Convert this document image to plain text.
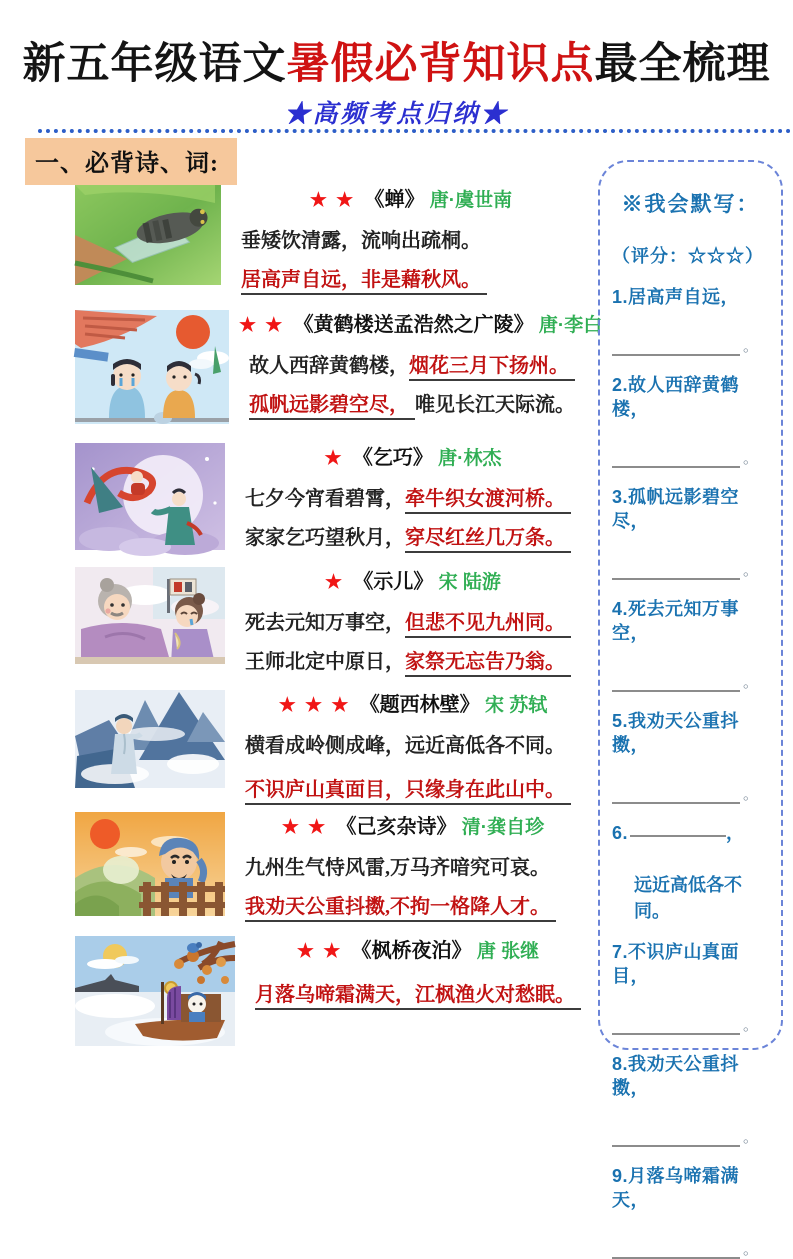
新五年级语文暑假必背知识点最全梳理
★高频考点归纳★
一、必背诗、词:
★ ★ 《蝉》 唐·虞世南
垂矮饮清露，流响出疏桐。
居高声自远，非是藉秋风。
★ ★ 《黄鹤楼送孟浩然之广陵》 唐·李白
故人西辞黄鹤楼，烟花三月下扬州。
孤帆远影碧空尽， 唯见长江天际流。
★ 《乞巧》 唐·林杰
七夕今宵看碧霄，牵牛织女渡河桥。
家家乞巧望秋月，穿尽红丝几万条。
★ 《示儿》 宋 陆游
死去元知万事空，但悲不见九州同。
王师北定中原日，家祭无忘告乃翁。
★ ★ ★ 《题西林壁》 宋 苏轼
横看成岭侧成峰，远近高低各不同。
不识庐山真面目，只缘身在此山中。
★ ★ 《己亥杂诗》 清·龚自珍
九州生气恃风雷,万马齐喑究可哀。
我劝天公重抖擞,不拘一格降人才。
★ ★ 《枫桥夜泊》 唐 张继
月落乌啼霜满天，江枫渔火对愁眠。
※我会默写：
（评分：☆☆☆）
1.居高声自远，
。
2.故人西辞黄鹤楼，
。
3.孤帆远影碧空尽，
。
4.死去元知万事空，
。
5.我劝天公重抖擞，
。
6.	，
远近高低各不同。
7.不识庐山真面目，
。
8.我劝天公重抖擞，
。
9.月落乌啼霜满天，
。
